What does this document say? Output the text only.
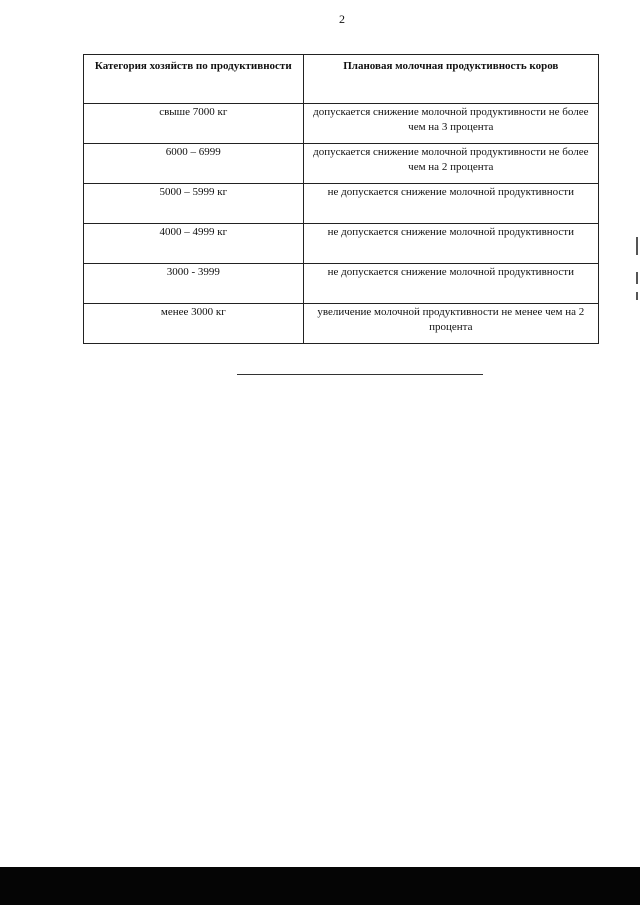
2
Категория хозяйств по продуктивности	Плановая молочная продуктивность коров
свыше 7000 кг	допускается снижение молочной продуктивности не более чем на 3 процента
6000 – 6999	допускается снижение молочной продуктивности не более чем на 2 процента
5000 – 5999 кг	не допускается снижение молочной продуктивности
4000 – 4999 кг	не допускается снижение молочной продуктивности
3000 - 3999	не допускается снижение молочной продуктивности
менее 3000 кг	увеличение молочной продуктивности не менее чем на 2 процента
